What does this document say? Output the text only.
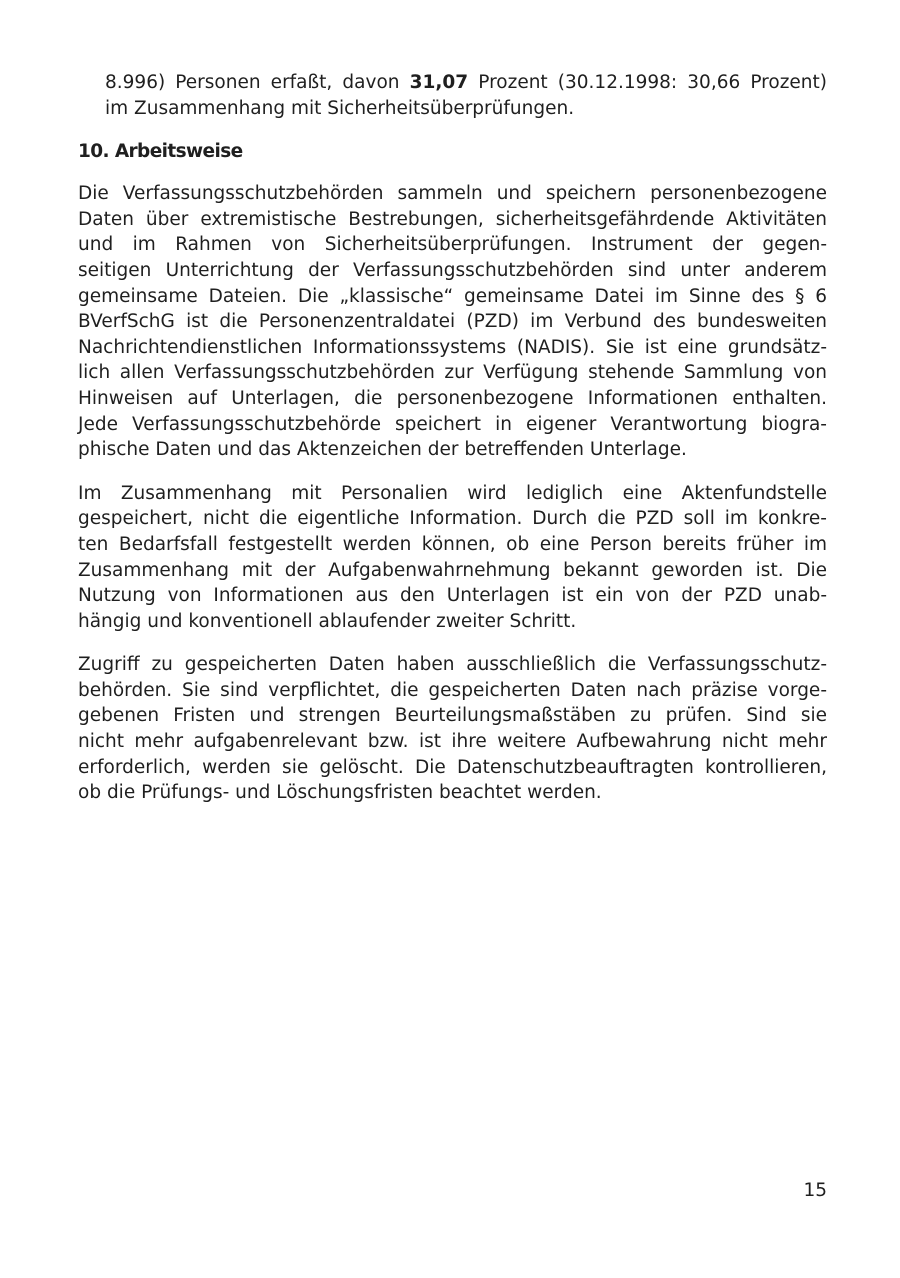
8.996) Personen erfaßt, davon 31,07 Prozent (30.12.1998: 30,66 Prozent)
im Zusammenhang mit Sicherheitsüberprüfungen.
10. Arbeitsweise
Die Verfassungsschutzbehörden sammeln und speichern personenbezogene
Daten über extremistische Bestrebungen, sicherheitsgefährdende Aktivitäten
und im Rahmen von Sicherheitsüberprüfungen. Instrument der gegen-
seitigen Unterrichtung der Verfassungsschutzbehörden sind unter anderem
gemeinsame Dateien. Die „klassische“ gemeinsame Datei im Sinne des § 6
BVerfSchG ist die Personenzentraldatei (PZD) im Verbund des bundesweiten
Nachrichtendienstlichen Informationssystems (NADIS). Sie ist eine grundsätz-
lich allen Verfassungsschutzbehörden zur Verfügung stehende Sammlung von
Hinweisen auf Unterlagen, die personenbezogene Informationen enthalten.
Jede Verfassungsschutzbehörde speichert in eigener Verantwortung biogra-
phische Daten und das Aktenzeichen der betreffenden Unterlage.
Im Zusammenhang mit Personalien wird lediglich eine Aktenfundstelle
gespeichert, nicht die eigentliche Information. Durch die PZD soll im konkre-
ten Bedarfsfall festgestellt werden können, ob eine Person bereits früher im
Zusammenhang mit der Aufgabenwahrnehmung bekannt geworden ist. Die
Nutzung von Informationen aus den Unterlagen ist ein von der PZD unab-
hängig und konventionell ablaufender zweiter Schritt.
Zugriff zu gespeicherten Daten haben ausschließlich die Verfassungsschutz-
behörden. Sie sind verpflichtet, die gespeicherten Daten nach präzise vorge-
gebenen Fristen und strengen Beurteilungsmaßstäben zu prüfen. Sind sie
nicht mehr aufgabenrelevant bzw. ist ihre weitere Aufbewahrung nicht mehr
erforderlich, werden sie gelöscht. Die Datenschutzbeauftragten kontrollieren,
ob die Prüfungs- und Löschungsfristen beachtet werden.
15
